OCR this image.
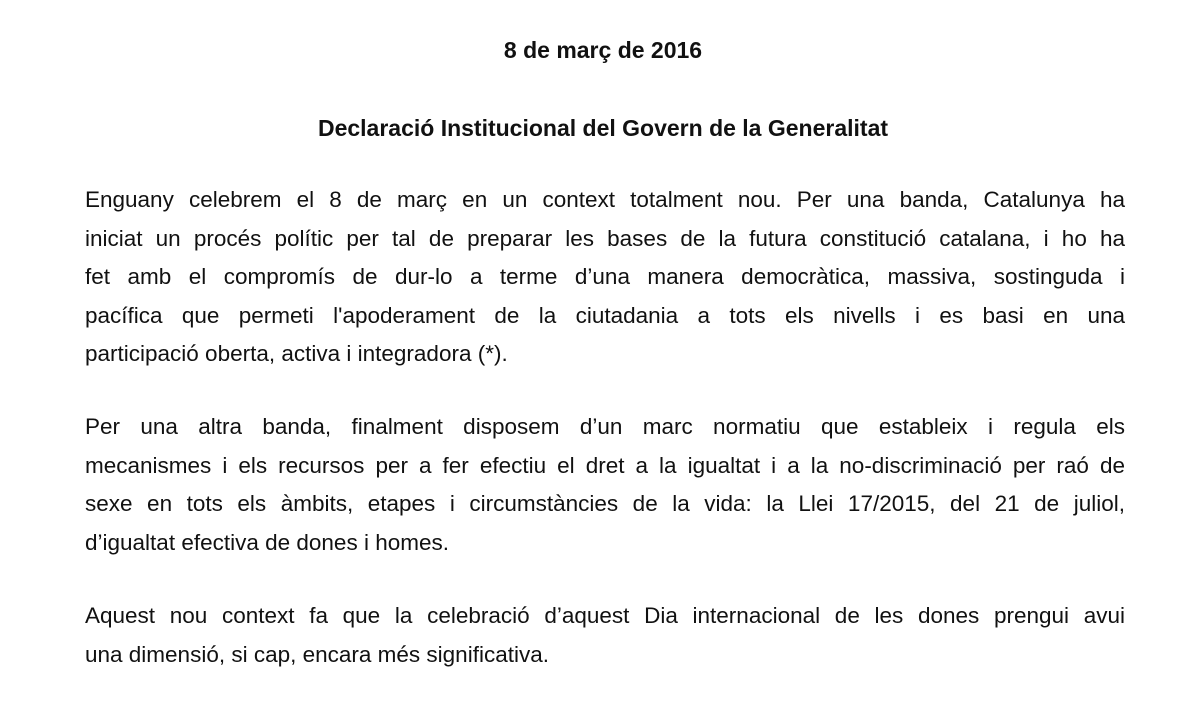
8 de març de 2016
Declaració Institucional del Govern de la Generalitat
Enguany celebrem el 8 de març en un context totalment nou. Per una banda, Catalunya ha
iniciat un procés polític per tal de preparar les bases de la futura constitució catalana, i ho ha
fet amb el compromís de dur-lo a terme d’una manera democràtica, massiva, sostinguda i
pacífica que permeti l'apoderament de la ciutadania a tots els nivells i es basi en una
participació oberta, activa i integradora (*).
Per una altra banda, finalment disposem d’un marc normatiu que estableix i regula els
mecanismes i els recursos per a fer efectiu el dret a la igualtat i a la no-discriminació per raó de
sexe en tots els àmbits, etapes i circumstàncies de la vida: la Llei 17/2015, del 21 de juliol,
d’igualtat efectiva de dones i homes.
Aquest nou context fa que la celebració d’aquest Dia internacional de les dones prengui avui
una dimensió, si cap, encara més significativa.
